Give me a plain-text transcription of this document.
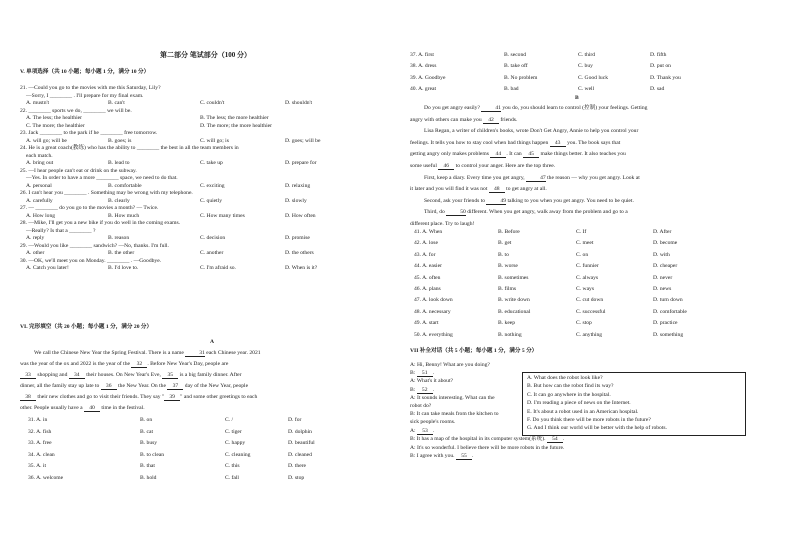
第二部分 笔试部分（100 分）
V. 单项选择（共 10 小题；每小题 1 分，满分 10 分）
21. —Could you go to the movies with me this Saturday, Lily?
—Sorry, I ________ . I'll prepare for my final exam.
A. mustn't	B. can't	C. couldn't	D. shouldn't
22. ________ sports we do, ________ we will be.
A. The less; the healthier	B. The less; the more healthier
C. The more; the healthier	D. The more; the more healthier
23. Jack ________ to the park if he ________ free tomorrow.
A. will go; will be	B. goes; is	C. will go; is	D. goes; will be
24. He is a great coach(教练) who has the ability to ________ the best in all the team members in
each match.
A. bring out	B. lead to	C. take up	D. prepare for
25. —I hear people can't eat or drink on the subway.
—Yes. In order to have a more ________ space, we need to do that.
A. personal	B. comfortable	C. exciting	D. relaxing
26. I can't hear you ________ . Something may be wrong with my telephone.
A. carefully	B. clearly	C. quietly	D. slowly
27. — ________ do you go to the movies a month? — Twice.
A. How long	B. How much	C. How many times	D. How often
28. —Mike, I'll get you a new bike if you do well in the coming exams.
—Really? Is that a ________ ?
A. reply	B. reason	C. decision	D. promise
29. —Would you like ________ sandwich? —No, thanks. I'm full.
A. other	B. the other	C. another	D. the others
30. —OK, we'll meet you on Monday. ________ . —Goodbye.
A. Catch you later!	B. I'd love to.	C. I'm afraid so.	D. When is it?
VI. 完形填空（共 20 小题；每小题 1 分，满分 20 分）
A
We call the Chinese New Year the Spring Festival. There is a name	31 each Chinese year. 2021
was the year of the ox and 2022 is the year of the 32 . Before New Year's Day, people are
33 shopping and 34 their houses. On New Year's Eve, 35 is a big family dinner. After
dinner, all the family stay up late to 36 the New Year. On the 37 day of the New Year, people
38 their new clothes and go to visit their friends. They say " 39 " and some other greetings to each
other. People usually have a 40 time in the festival.
31. A. in	B. on	C. /	D. for
32. A. fish	B. cat	C. tiger	D. dolphin
33. A. free	B. busy	C. happy	D. beautiful
34. A. clean	B. to clean	C. cleaning	D. cleaned
35. A. it	B. that	C. this	D. there
36. A. welcome	B. hold	C. fall	D. stop
37. A. first	B. second	C. third	D. fifth
38. A. dress	B. take off	C. buy	D. put on
39. A. Goodbye	B. No problem	C. Good luck	D. Thank you
40. A. great	B. bad	C. well	D. sad
B
Do you get angry easily?	41 you do, you should learn to control (控制) your feelings. Getting
angry with others can make you 42 friends.
Lisa Regan, a writer of children's books, wrote Don't Get Angry, Annie to help you control your
feelings. It tells you how to stay cool when bad things happen 43 you. The book says that
getting angry only makes problems 44 . It can 45 make things better. It also teaches you
some useful 46 to control your anger. Here are the top three.
First, keep a diary. Every time you get angry,	47 the reason — why you get angry. Look at
it later and you will find it was not 48 to get angry at all.
Second, ask your friends to	49 talking to you when you get angry. You need to be quiet.
Third, do	50 different. When you get angry, walk away from the problem and go to a
different place. Try to laugh!
41. A. When	B. Before	C. If	D. After
42. A. lose	B. get	C. meet	D. become
43. A. for	B. to	C. on	D. with
44. A. easier	B. worse	C. funnier	D. cheaper
45. A. often	B. sometimes	C. always	D. never
46. A. plans	B. films	C. ways	D. news
47. A. look down	B. write down	C. cut down	D. turn down
48. A. necessary	B. educational	C. successful	D. comfortable
49. A. start	B. keep	C. stop	D. practice
50. A. everything	B. nothing	C. anything	D. something
VII 补全对话（共 5 小题；每小题 1 分，满分 5 分）
A: Hi, Benny! What are you doing?
B: 51 .
A: What's it about?
B: 52 .
A: It sounds interesting. What can the
robot do?
B: It can take meals from the kitchen to
sick people's rooms.
A: 53 .
B: It has a map of the hospital in its computer system(系统). 54 .
A: It's so wonderful. I believe there will be more robots in the future.
B: I agree with you. 55 .
A. What does the robot look like?
B. But how can the robot find its way?
C. It can go anywhere in the hospital.
D. I'm reading a piece of news on the Internet.
E. It's about a robot used in an American hospital.
F. Do you think there will be more robots in the future?
G. And I think our world will be better with the help of robots.
